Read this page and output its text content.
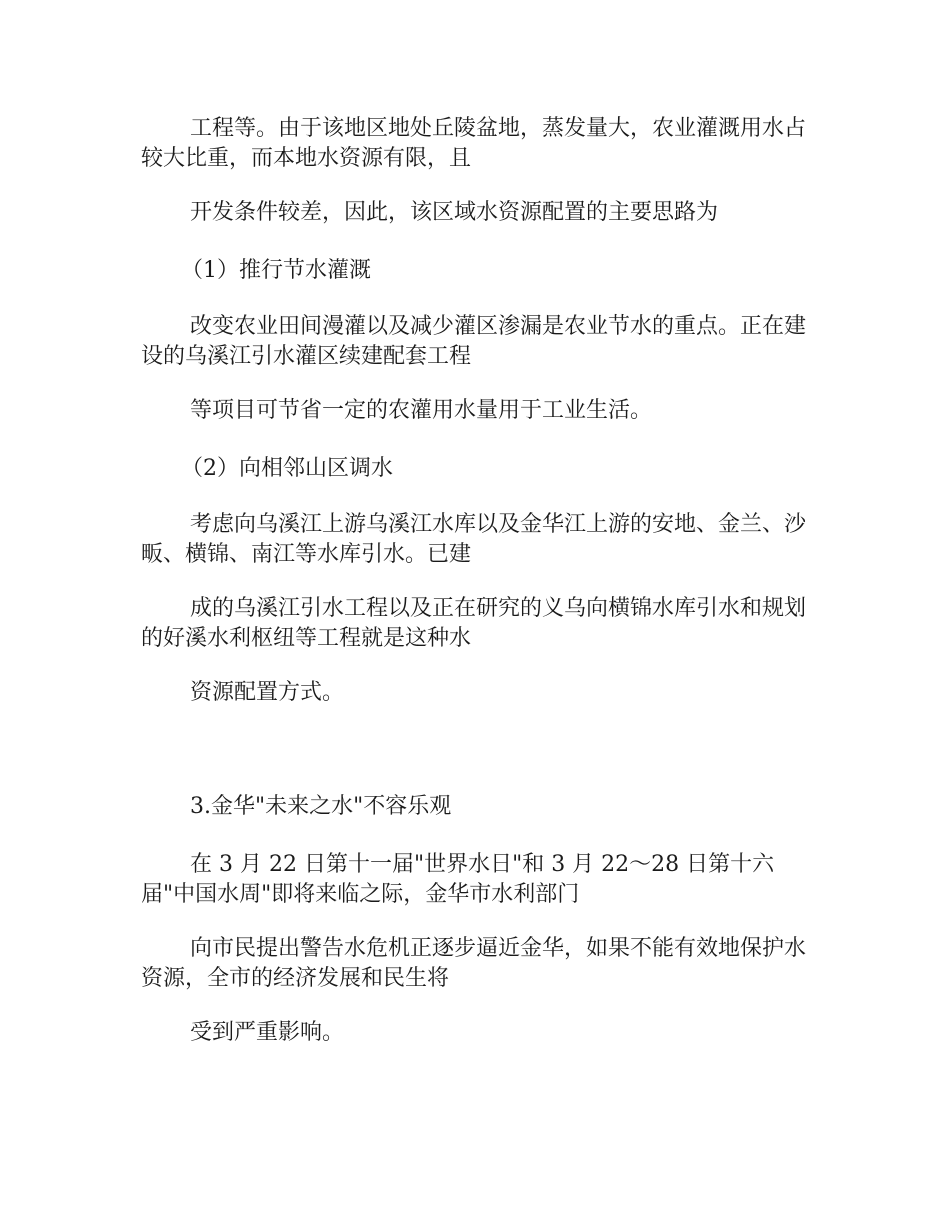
工程等。由于该地区地处丘陵盆地，蒸发量大，农业灌溉用水占较大比重，而本地水资源有限，且

开发条件较差，因此，该区域水资源配置的主要思路为

（1）推行节水灌溉

改变农业田间漫灌以及减少灌区渗漏是农业节水的重点。正在建设的乌溪江引水灌区续建配套工程

等项目可节省一定的农灌用水量用于工业生活。

（2）向相邻山区调水

考虑向乌溪江上游乌溪江水库以及金华江上游的安地、金兰、沙畈、横锦、南江等水库引水。已建

成的乌溪江引水工程以及正在研究的义乌向横锦水库引水和规划的好溪水利枢纽等工程就是这种水

资源配置方式。

3.金华"未来之水"不容乐观

在 3 月 22 日第十一届"世界水日"和 3 月 22～28 日第十六届"中国水周"即将来临之际，金华市水利部门

向市民提出警告水危机正逐步逼近金华，如果不能有效地保护水资源，全市的经济发展和民生将

受到严重影响。
